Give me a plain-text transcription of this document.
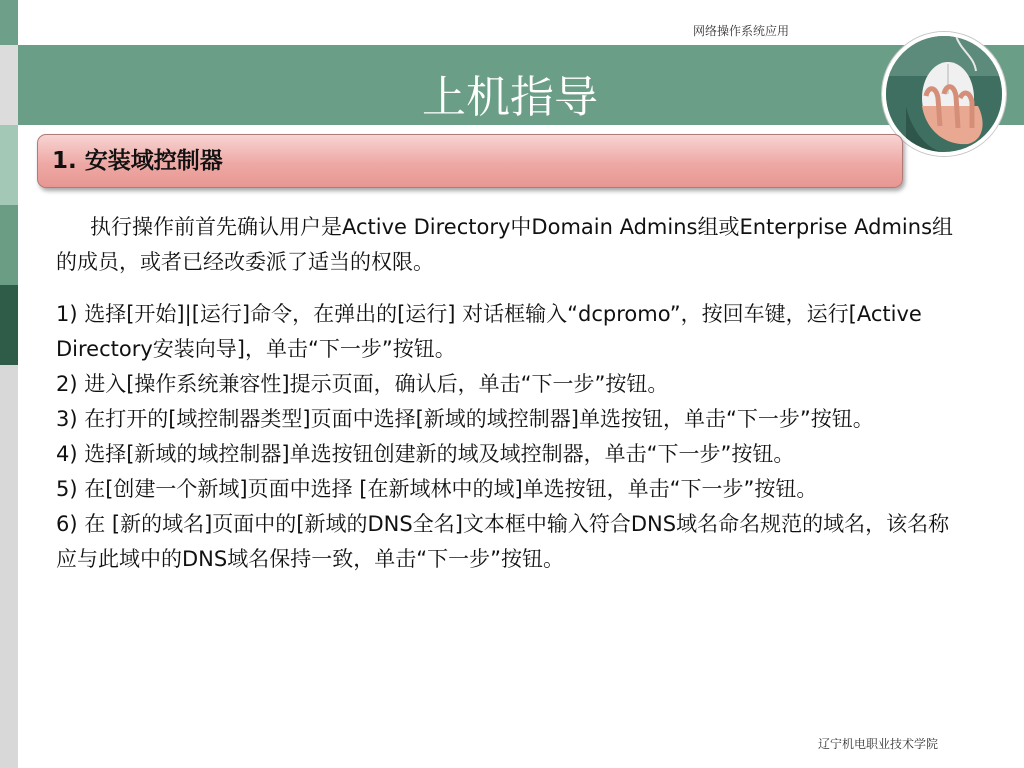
网络操作系统应用
上机指导
1. 安装域控制器

执行操作前首先确认用户是Active Directory中Domain Admins组或Enterprise Admins组的成员，或者已经改委派了适当的权限。

1) 选择[开始]|[运行]命令，在弹出的[运行] 对话框输入“dcpromo”，按回车键，运行[Active Directory安装向导]，单击“下一步”按钮。

2) 进入[操作系统兼容性]提示页面，确认后，单击“下一步”按钮。

3) 在打开的[域控制器类型]页面中选择[新域的域控制器]单选按钮，单击“下一步”按钮。

4) 选择[新域的域控制器]单选按钮创建新的域及域控制器，单击“下一步”按钮。

5) 在[创建一个新域]页面中选择 [在新域林中的域]单选按钮，单击“下一步”按钮。

6) 在 [新的域名]页面中的[新域的DNS全名]文本框中输入符合DNS域名命名规范的域名，该名称应与此域中的DNS域名保持一致，单击“下一步”按钮。

辽宁机电职业技术学院
